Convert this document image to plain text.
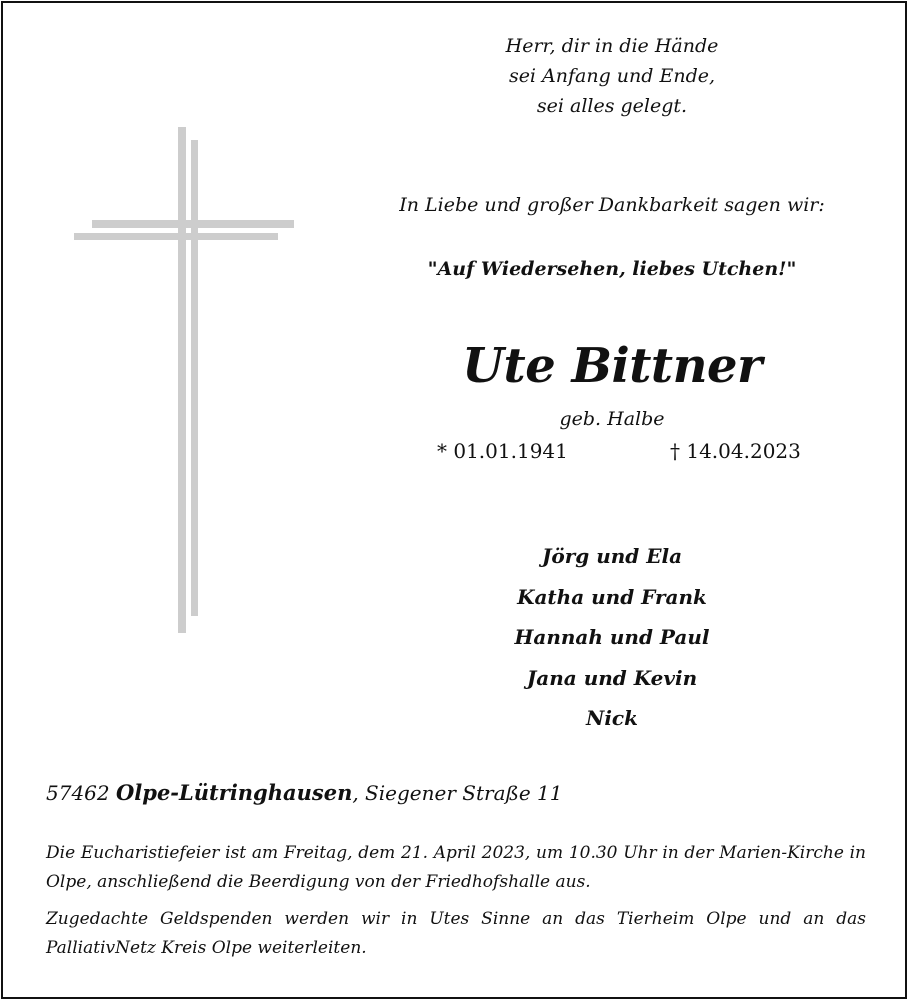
Herr, dir in die Hände
sei Anfang und Ende,
sei alles gelegt.
In Liebe und großer Dankbarkeit sagen wir:
"Auf Wiedersehen, liebes Utchen!"
Ute Bittner
geb. Halbe
* 01.01.1941	† 14.04.2023
Jörg und Ela
Katha und Frank
Hannah und Paul
Jana und Kevin
Nick
57462 Olpe-Lütringhausen, Siegener Straße 11
Die Eucharistiefeier ist am Freitag, dem 21. April 2023, um 10.30 Uhr in der Marien-Kirche in Olpe, anschließend die Beerdigung von der Friedhofshalle aus.
Zugedachte Geldspenden werden wir in Utes Sinne an das Tierheim Olpe und an das PalliativNetz Kreis Olpe weiterleiten.
